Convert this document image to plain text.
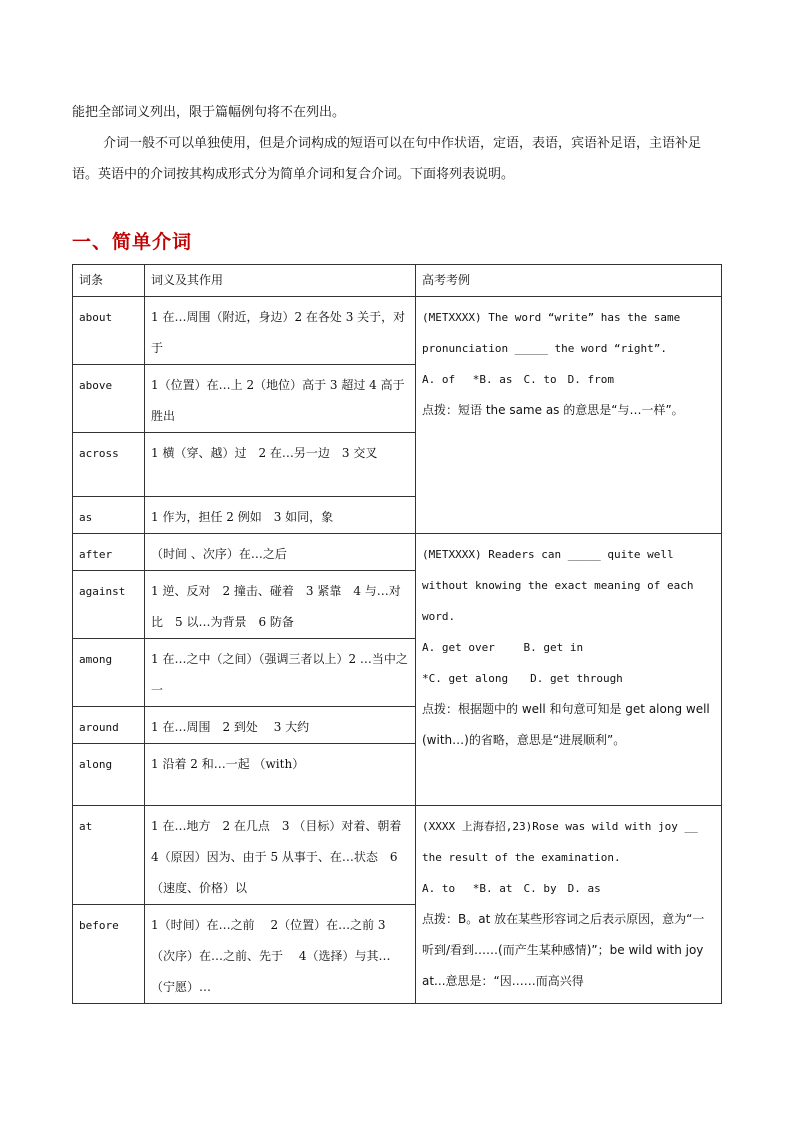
能把全部词义列出，限于篇幅例句将不在列出。
介词一般不可以单独使用，但是介词构成的短语可以在句中作状语，定语，表语，宾语补足语，主语补足语。英语中的介词按其构成形式分为简单介词和复合介词。下面将列表说明。
一、简单介词
词条	词义及其作用	高考考例
about	1 在…周围（附近，身边）2 在各处 3 关于，对于	(METXXXX) The word “write” has the same pronunciation _____ the word “right”.
A. of　 *B. as　C. to　D. from
点拨：短语 the same as 的意思是“与…一样”。

above	1（位置）在…上 2（地位）高于 3 超过 4 高于 胜出	
across	1 横（穿、越）过　2 在…另一边　3 交叉	
as	1 作为，担任 2 例如　3 如同，象	
after	（时间 、次序）在…之后	(METXXXX) Readers can _____ quite well without knowing the exact meaning of each word.
A. get over　　 B. get in
*C. get along　　D. get through
点拨：根据题中的 well 和句意可知是 get along well (with…)的省略，意思是“进展顺利”。

against	1 逆、反对　2 撞击、碰着　3 紧靠　4 与…对比　5 以…为背景　6 防备	
among	1 在…之中（之间）（强调三者以上）2 …当中之一	
around	1 在…周围　2 到处　 3 大约	
along	1 沿着 2 和…一起 （with）	
at	1 在…地方　2 在几点　3 （目标）对着、朝着 4（原因）因为、由于 5 从事于、在…状态　6 （速度、价格）以	(XXXX 上海春招,23)Rose was wild with joy __ the result of the examination.
A. to　 *B. at　C. by　D. as
点拨：B。at 放在某些形容词之后表示原因，意为“一听到/看到……(而产生某种感情)”；be wild with joy at...意思是：“因……而高兴得

before	1（时间）在…之前　 2（位置）在…之前 3（次序）在…之前、先于　 4（选择）与其…（宁愿）…	
